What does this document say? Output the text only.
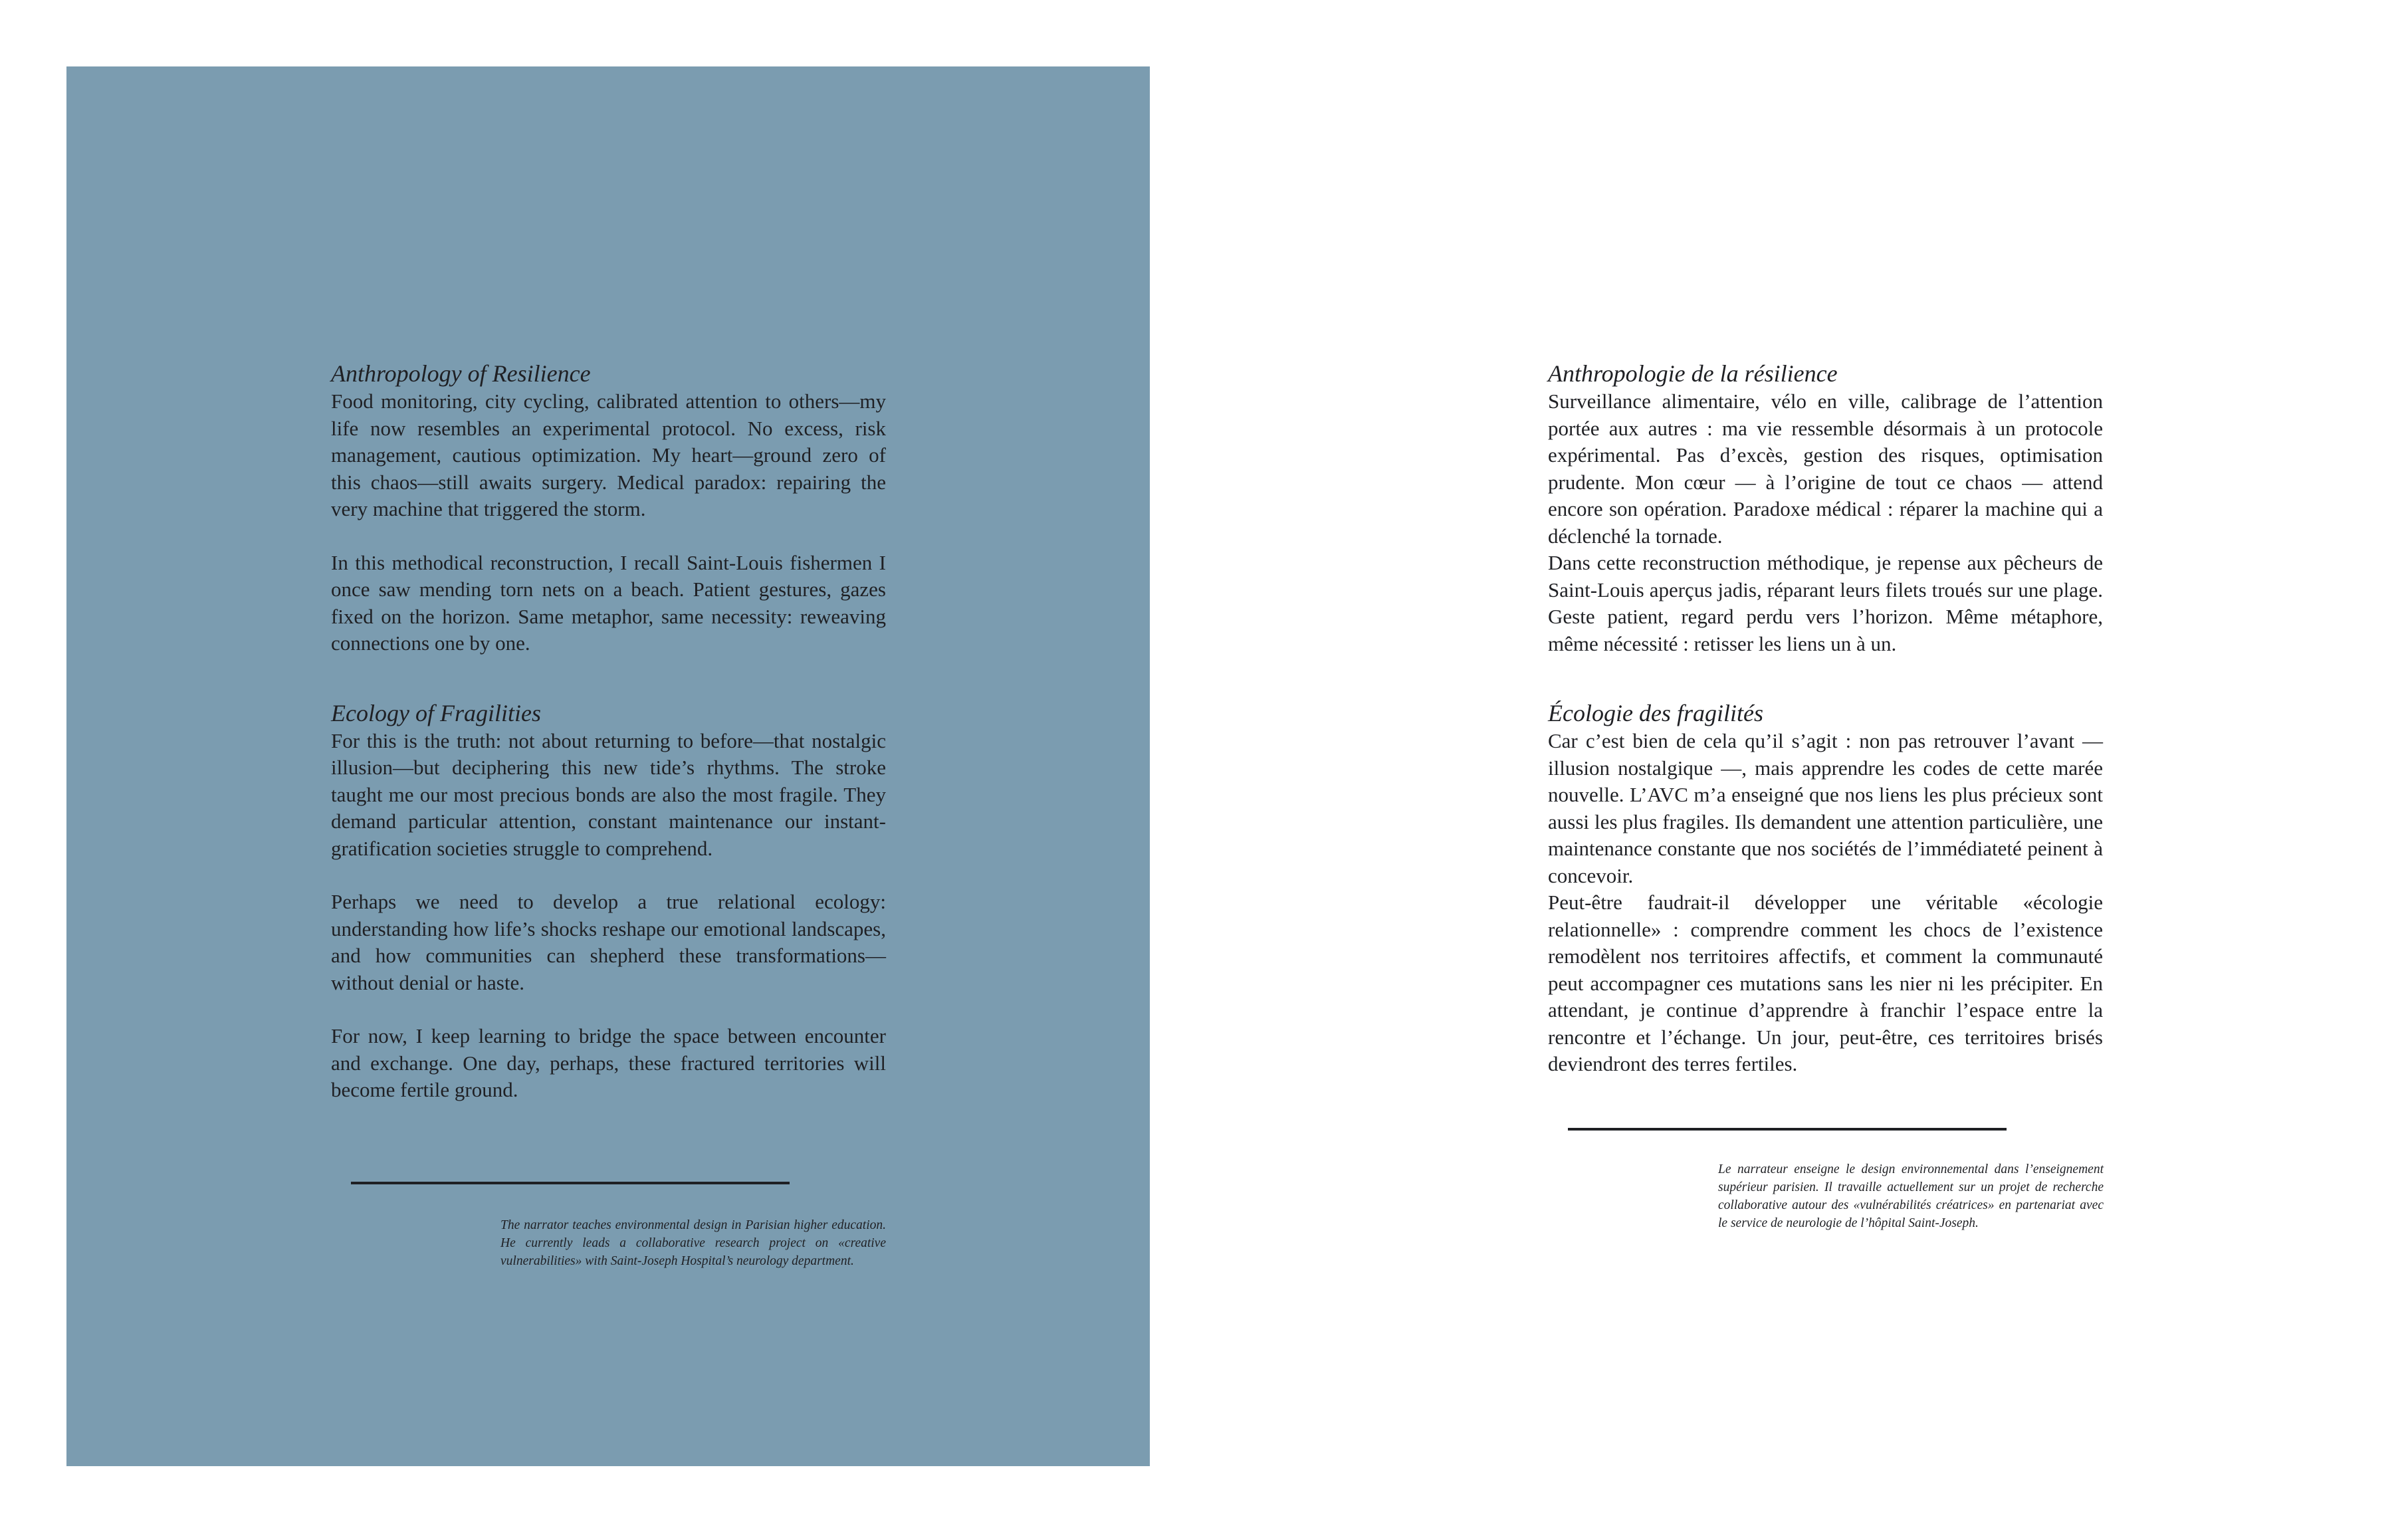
Anthropology of Resilience

Food monitoring, city cycling, calibrated attention to others—my life now resembles an experimental protocol. No excess, risk management, cautious optimization. My heart—ground zero of this chaos—still awaits surgery. Medical paradox: repairing the very machine that triggered the storm.

In this methodical reconstruction, I recall Saint-Louis fishermen I once saw mending torn nets on a beach. Patient gestures, gazes fixed on the horizon. Same metaphor, same necessity: reweaving connections one by one.

Ecology of Fragilities

For this is the truth: not about returning to before—that nostalgic illusion—but deciphering this new tide’s rhythms. The stroke taught me our most precious bonds are also the most fragile. They demand particular attention, constant maintenance our instant-gratification societies struggle to comprehend.

Perhaps we need to develop a true relational ecology: understanding how life’s shocks reshape our emotional landscapes, and how communities can shepherd these transformations—without denial or haste.

For now, I keep learning to bridge the space between encounter and exchange. One day, perhaps, these fractured territories will become fertile ground.

The narrator teaches environmental design in Parisian higher education. He currently leads a collaborative research project on «creative vulnerabilities» with Saint-Joseph Hospital’s neurology department.

Anthropologie de la résilience

Surveillance alimentaire, vélo en ville, calibrage de l’attention portée aux autres : ma vie ressemble désormais à un protocole expérimental. Pas d’excès, gestion des risques, optimisation prudente. Mon cœur — à l’origine de tout ce chaos — attend encore son opération. Paradoxe médical : réparer la machine qui a déclenché la tornade.

Dans cette reconstruction méthodique, je repense aux pêcheurs de Saint-Louis aperçus jadis, réparant leurs filets troués sur une plage. Geste patient, regard perdu vers l’horizon. Même métaphore, même nécessité : retisser les liens un à un.

Écologie des fragilités

Car c’est bien de cela qu’il s’agit : non pas retrouver l’avant — illusion nostalgique —, mais apprendre les codes de cette marée nouvelle. L’AVC m’a enseigné que nos liens les plus précieux sont aussi les plus fragiles. Ils demandent une attention particulière, une maintenance constante que nos sociétés de l’immédiateté peinent à concevoir.

Peut-être faudrait-il développer une véritable «écologie relationnelle» : comprendre comment les chocs de l’existence remodèlent nos territoires affectifs, et comment la communauté peut accompagner ces mutations sans les nier ni les précipiter. En attendant, je continue d’apprendre à franchir l’espace entre la rencontre et l’échange. Un jour, peut-être, ces territoires brisés deviendront des terres fertiles.

Le narrateur enseigne le design environnemental dans l’enseignement supérieur parisien. Il travaille actuellement sur un projet de recherche collaborative autour des «vulnérabilités créatrices» en partenariat avec le service de neurologie de l’hôpital Saint-Joseph.
